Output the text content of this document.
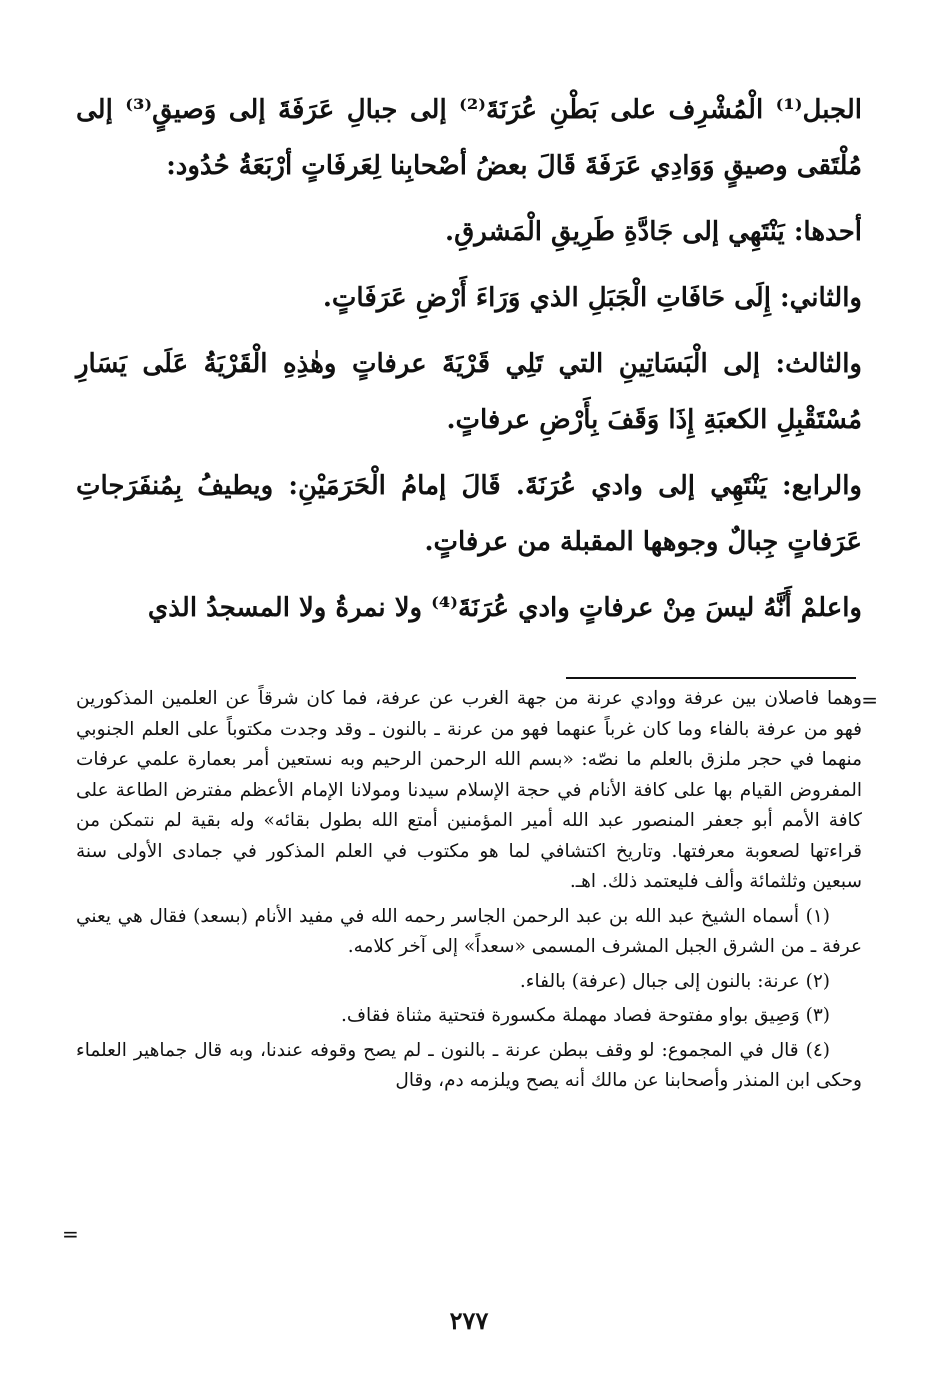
الجبل⁽¹⁾ الْمُشْرِف على بَطْنِ عُرَنَةَ⁽²⁾ إلى جبالِ عَرَفَةَ إلى وَصيقٍ⁽³⁾ إلى مُلْتَقى وصيقٍ وَوَادِي عَرَفَةَ قَالَ بعضُ أصْحابِنا لِعَرفَاتٍ أرْبَعَةُ حُدُود:

أحدها: يَنْتَهِي إلى جَادَّةِ طَرِيقِ الْمَشرقِ.

والثاني: إِلَى حَافَاتِ الْجَبَلِ الذي وَرَاءَ أَرْضِ عَرَفَاتٍ.

والثالث: إلى الْبَسَاتِينِ التي تَلِي قَرْيَةَ عرفاتٍ وهٰذِهِ الْقَرْيَةُ عَلَى يَسَارِ مُسْتَقْبِلِ الكعبَةِ إِذَا وَقَفَ بِأَرْضِ عرفاتٍ.

والرابع: يَنْتَهِي إلى وادي عُرَنَةَ. قَالَ إمامُ الْحَرَمَيْنِ: ويطيفُ بِمُنفَرَجاتِ عَرَفاتٍ جِبالٌ وجوهها المقبلة من عرفاتٍ.

واعلمْ أَنَّهُ ليسَ مِنْ عرفاتٍ وادي عُرَنَةَ⁽⁴⁾ ولا نمرةُ ولا المسجدُ الذي

=

وهما فاصلان بين عرفة ووادي عرنة من جهة الغرب عن عرفة، فما كان شرقاً عن العلمين المذكورين فهو من عرفة بالفاء وما كان غرباً عنهما فهو من عرنة ـ بالنون ـ وقد وجدت مكتوباً على العلم الجنوبي منهما في حجر ملزق بالعلم ما نصّه: «بسم الله الرحمن الرحيم وبه نستعين أمر بعمارة علمي عرفات المفروض القيام بها على كافة الأنام في حجة الإسلام سيدنا ومولانا الإمام الأعظم مفترض الطاعة على كافة الأمم أبو جعفر المنصور عبد الله أمير المؤمنين أمتع الله بطول بقائه» وله بقية لم نتمكن من قراءتها لصعوبة معرفتها. وتاريخ اكتشافي لما هو مكتوب في العلم المذكور في جمادى الأولى سنة سبعين وثلثمائة وألف فليعتمد ذلك. اهـ.

(١) أسماه الشيخ عبد الله بن عبد الرحمن الجاسر رحمه الله في مفيد الأنام (بسعد) فقال هي يعني عرفة ـ من الشرق الجبل المشرف المسمى «سعداً» إلى آخر كلامه.

(٢) عرنة: بالنون إلى جبال (عرفة) بالفاء.

(٣) وَصِيق بواو مفتوحة فصاد مهملة مكسورة فتحتية مثناة فقاف.

(٤) قال في المجموع: لو وقف ببطن عرنة ـ بالنون ـ لم يصح وقوفه عندنا، وبه قال جماهير العلماء وحكى ابن المنذر وأصحابنا عن مالك أنه يصح ويلزمه دم، وقال

=
٢٧٧
